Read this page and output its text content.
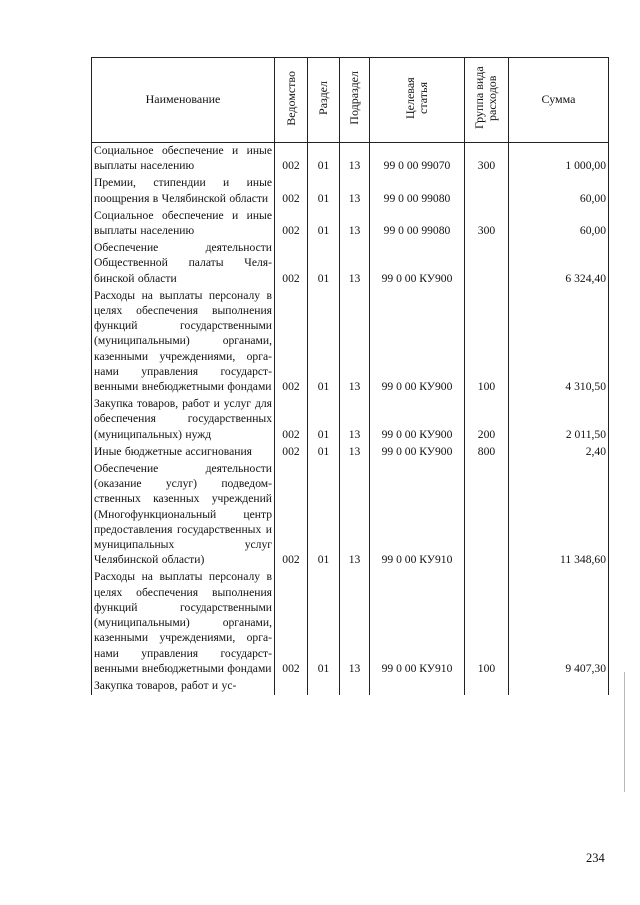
Наименование	Ведомство	Раздел	Подраздел	Целевая статья	Группа вида расходов	Сумма
Социальное обеспечение и иные выплаты населению	002	01	13	99 0 00 99070	300	1 000,00
Премии, стипендии и иные поощрения в Челябинской области	002	01	13	99 0 00 99080		60,00
Социальное обеспечение и иные выплаты населению	002	01	13	99 0 00 99080	300	60,00
Обеспечение деятельности Общественной палаты Челябинской области	002	01	13	99 0 00 КУ900		6 324,40
Расходы на выплаты персоналу в целях обеспечения выполнения функций государственными (муниципальными) органами, казенными учреждениями, органами управления государственными внебюджетными фондами	002	01	13	99 0 00 КУ900	100	4 310,50
Закупка товаров, работ и услуг для обеспечения государственных (муниципальных) нужд	002	01	13	99 0 00 КУ900	200	2 011,50
Иные бюджетные ассигнования	002	01	13	99 0 00 КУ900	800	2,40
Обеспечение деятельности (оказание услуг) подведомственных казенных учреждений (Многофункциональный центр предоставления государственных и муниципальных услуг Челябинской области)	002	01	13	99 0 00 КУ910		11 348,60
Расходы на выплаты персоналу в целях обеспечения выполнения функций государственными (муниципальными) органами, казенными учреждениями, органами управления государственными внебюджетными фондами	002	01	13	99 0 00 КУ910	100	9 407,30
Закупка товаров, работ и ус-						
234
